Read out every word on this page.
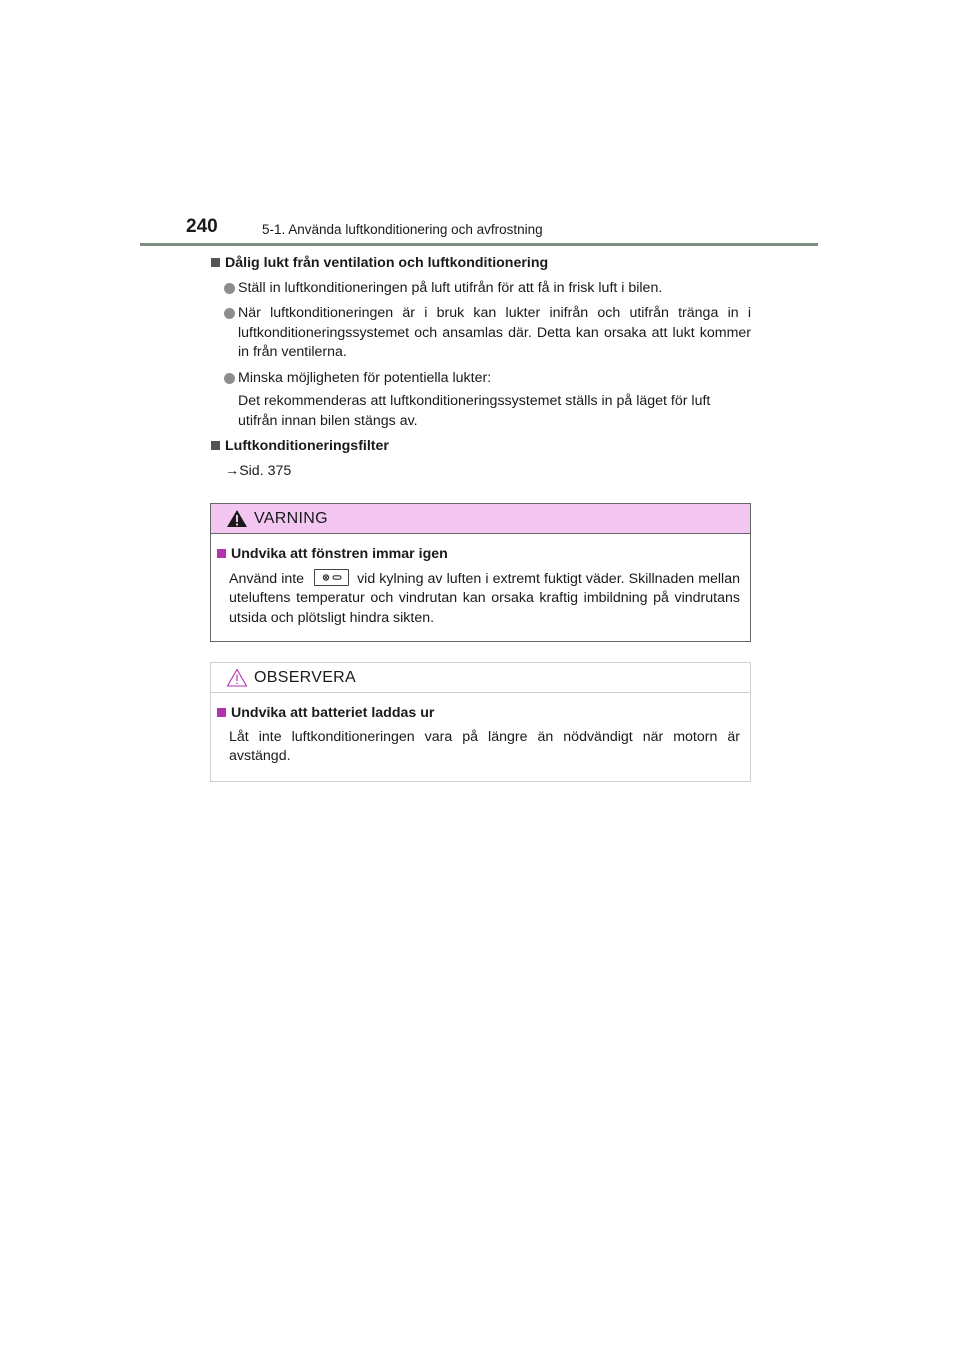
240	5-1. Använda luftkonditionering och avfrostning
Dålig lukt från ventilation och luftkonditionering
Ställ in luftkonditioneringen på luft utifrån för att få in frisk luft i bilen.
När luftkonditioneringen är i bruk kan lukter inifrån och utifrån tränga in i luftkonditioneringssystemet och ansamlas där. Detta kan orsaka att lukt kommer in från ventilerna.
Minska möjligheten för potentiella lukter:
Det rekommenderas att luftkonditioneringssystemet ställs in på läget för luft utifrån innan bilen stängs av.
Luftkonditioneringsfilter
→Sid. 375
VARNING
Undvika att fönstren immar igen
Använd inte	vid kylning av luften i extremt fuktigt väder. Skillnaden mellan uteluftens temperatur och vindrutan kan orsaka kraftig imbildning på vindrutans utsida och plötsligt hindra sikten.
OBSERVERA
Undvika att batteriet laddas ur
Låt inte luftkonditioneringen vara på längre än nödvändigt när motorn är avstängd.
